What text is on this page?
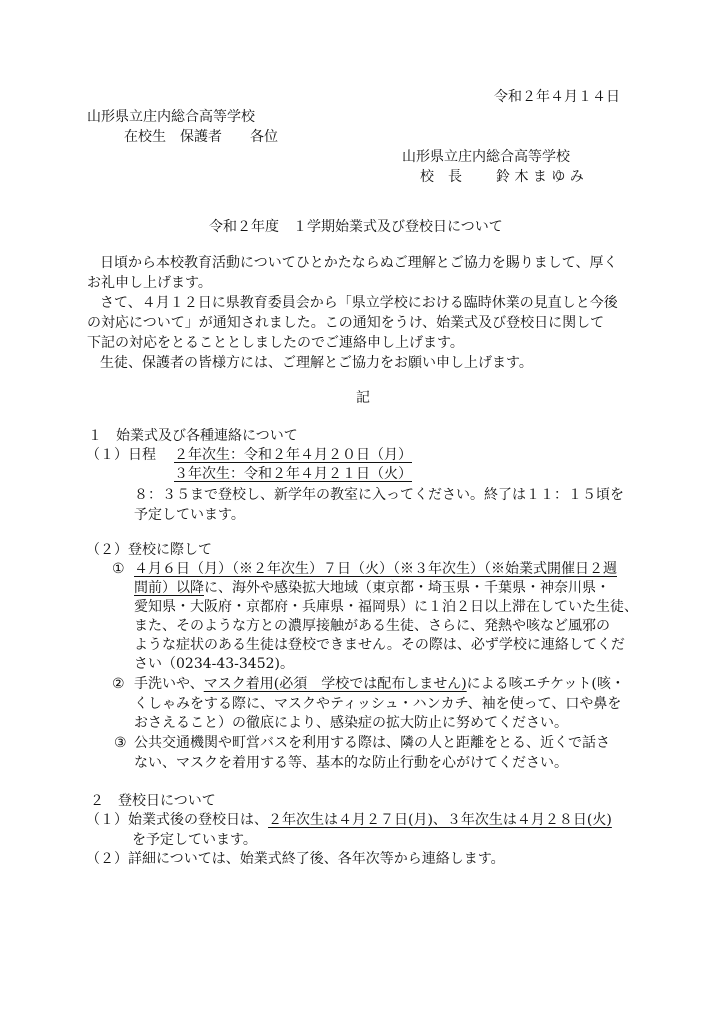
令和２年４月１４日
山形県立庄内総合高等学校
在校生　保護者　　各位
山形県立庄内総合高等学校
校　長 鈴 木 ま ゆ み
令和２年度　１学期始業式及び登校日について
日頃から本校教育活動についてひとかたならぬご理解とご協力を賜りまして、厚く
お礼申し上げます。
さて、４月１２日に県教育委員会から「県立学校における臨時休業の見直しと今後
の対応について」が通知されました。この通知をうけ、始業式及び登校日に関して
下記の対応をとることとしましたのでご連絡申し上げます。
生徒、保護者の皆様方には、ご理解とご協力をお願い申し上げます。
記
１　始業式及び各種連絡について
（１）日程 ２年次生：令和２年４月２０日（月）
３年次生：令和２年４月２１日（火）
８：３５まで登校し、新学年の教室に入ってください。終了は１１：１５頃を
予定しています。
（２）登校に際して
① ４月６日（月）（※２年次生）７日（火）（※３年次生）（※始業式開催日２週
間前）以降に、海外や感染拡大地域（東京都・埼玉県・千葉県・神奈川県・
愛知県・大阪府・京都府・兵庫県・福岡県）に１泊２日以上滞在していた生徒、
また、そのような方との濃厚接触がある生徒、さらに、発熱や咳など風邪の
ような症状のある生徒は登校できません。その際は、必ず学校に連絡してくだ
さい（0234-43-3452)。
② 手洗いや、マスク着用(必須　学校では配布しません)による咳エチケット(咳・
くしゃみをする際に、マスクやティッシュ・ハンカチ、袖を使って、口や鼻を
おさえること）の徹底により、感染症の拡大防止に努めてください。
③ 公共交通機関や町営バスを利用する際は、隣の人と距離をとる、近くで話さ
ない、マスクを着用する等、基本的な防止行動を心がけてください。
２　登校日について
（１）始業式後の登校日は、２年次生は４月２７日(月)、３年次生は４月２８日(火)
を予定しています。
（２）詳細については、始業式終了後、各年次等から連絡します。
